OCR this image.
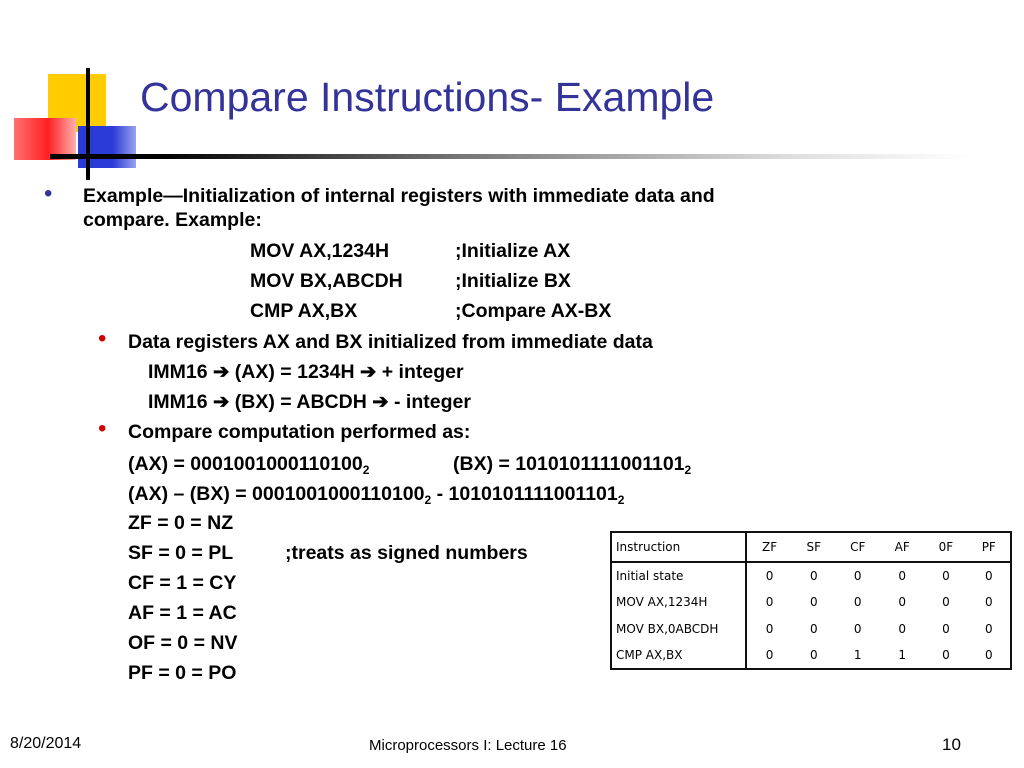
Compare Instructions- Example
• Example—Initialization of internal registers with immediate data and
compare. Example:
MOV AX,1234H	;Initialize AX
MOV BX,ABCDH	;Initialize BX
CMP AX,BX	;Compare AX-BX
• Data registers AX and BX initialized from immediate data
IMM16 ➔ (AX) = 1234H ➔ + integer
IMM16 ➔ (BX) = ABCDH ➔ - integer
• Compare computation performed as:
$(AX) = 0001001000110100_2$	$(BX) = 1010101111001101_2$
$(AX) - (BX) = 0001001000110100_2 - 1010101111001101_2$
ZF = 0 = NZ
SF = 0 = PL	;treats as signed numbers
CF = 1 = CY
AF = 1 = AC
OF = 0 = NV
PF = 0 = PO
Instruction	ZF	SF	CF	AF	0F	PF
Initial state	0	0	0	0	0	0
MOV AX,1234H	0	0	0	0	0	0
MOV BX,0ABCDH	0	0	0	0	0	0
CMP AX,BX	0	0	1	1	0	0
8/20/2014	Microprocessors I: Lecture 16	10
